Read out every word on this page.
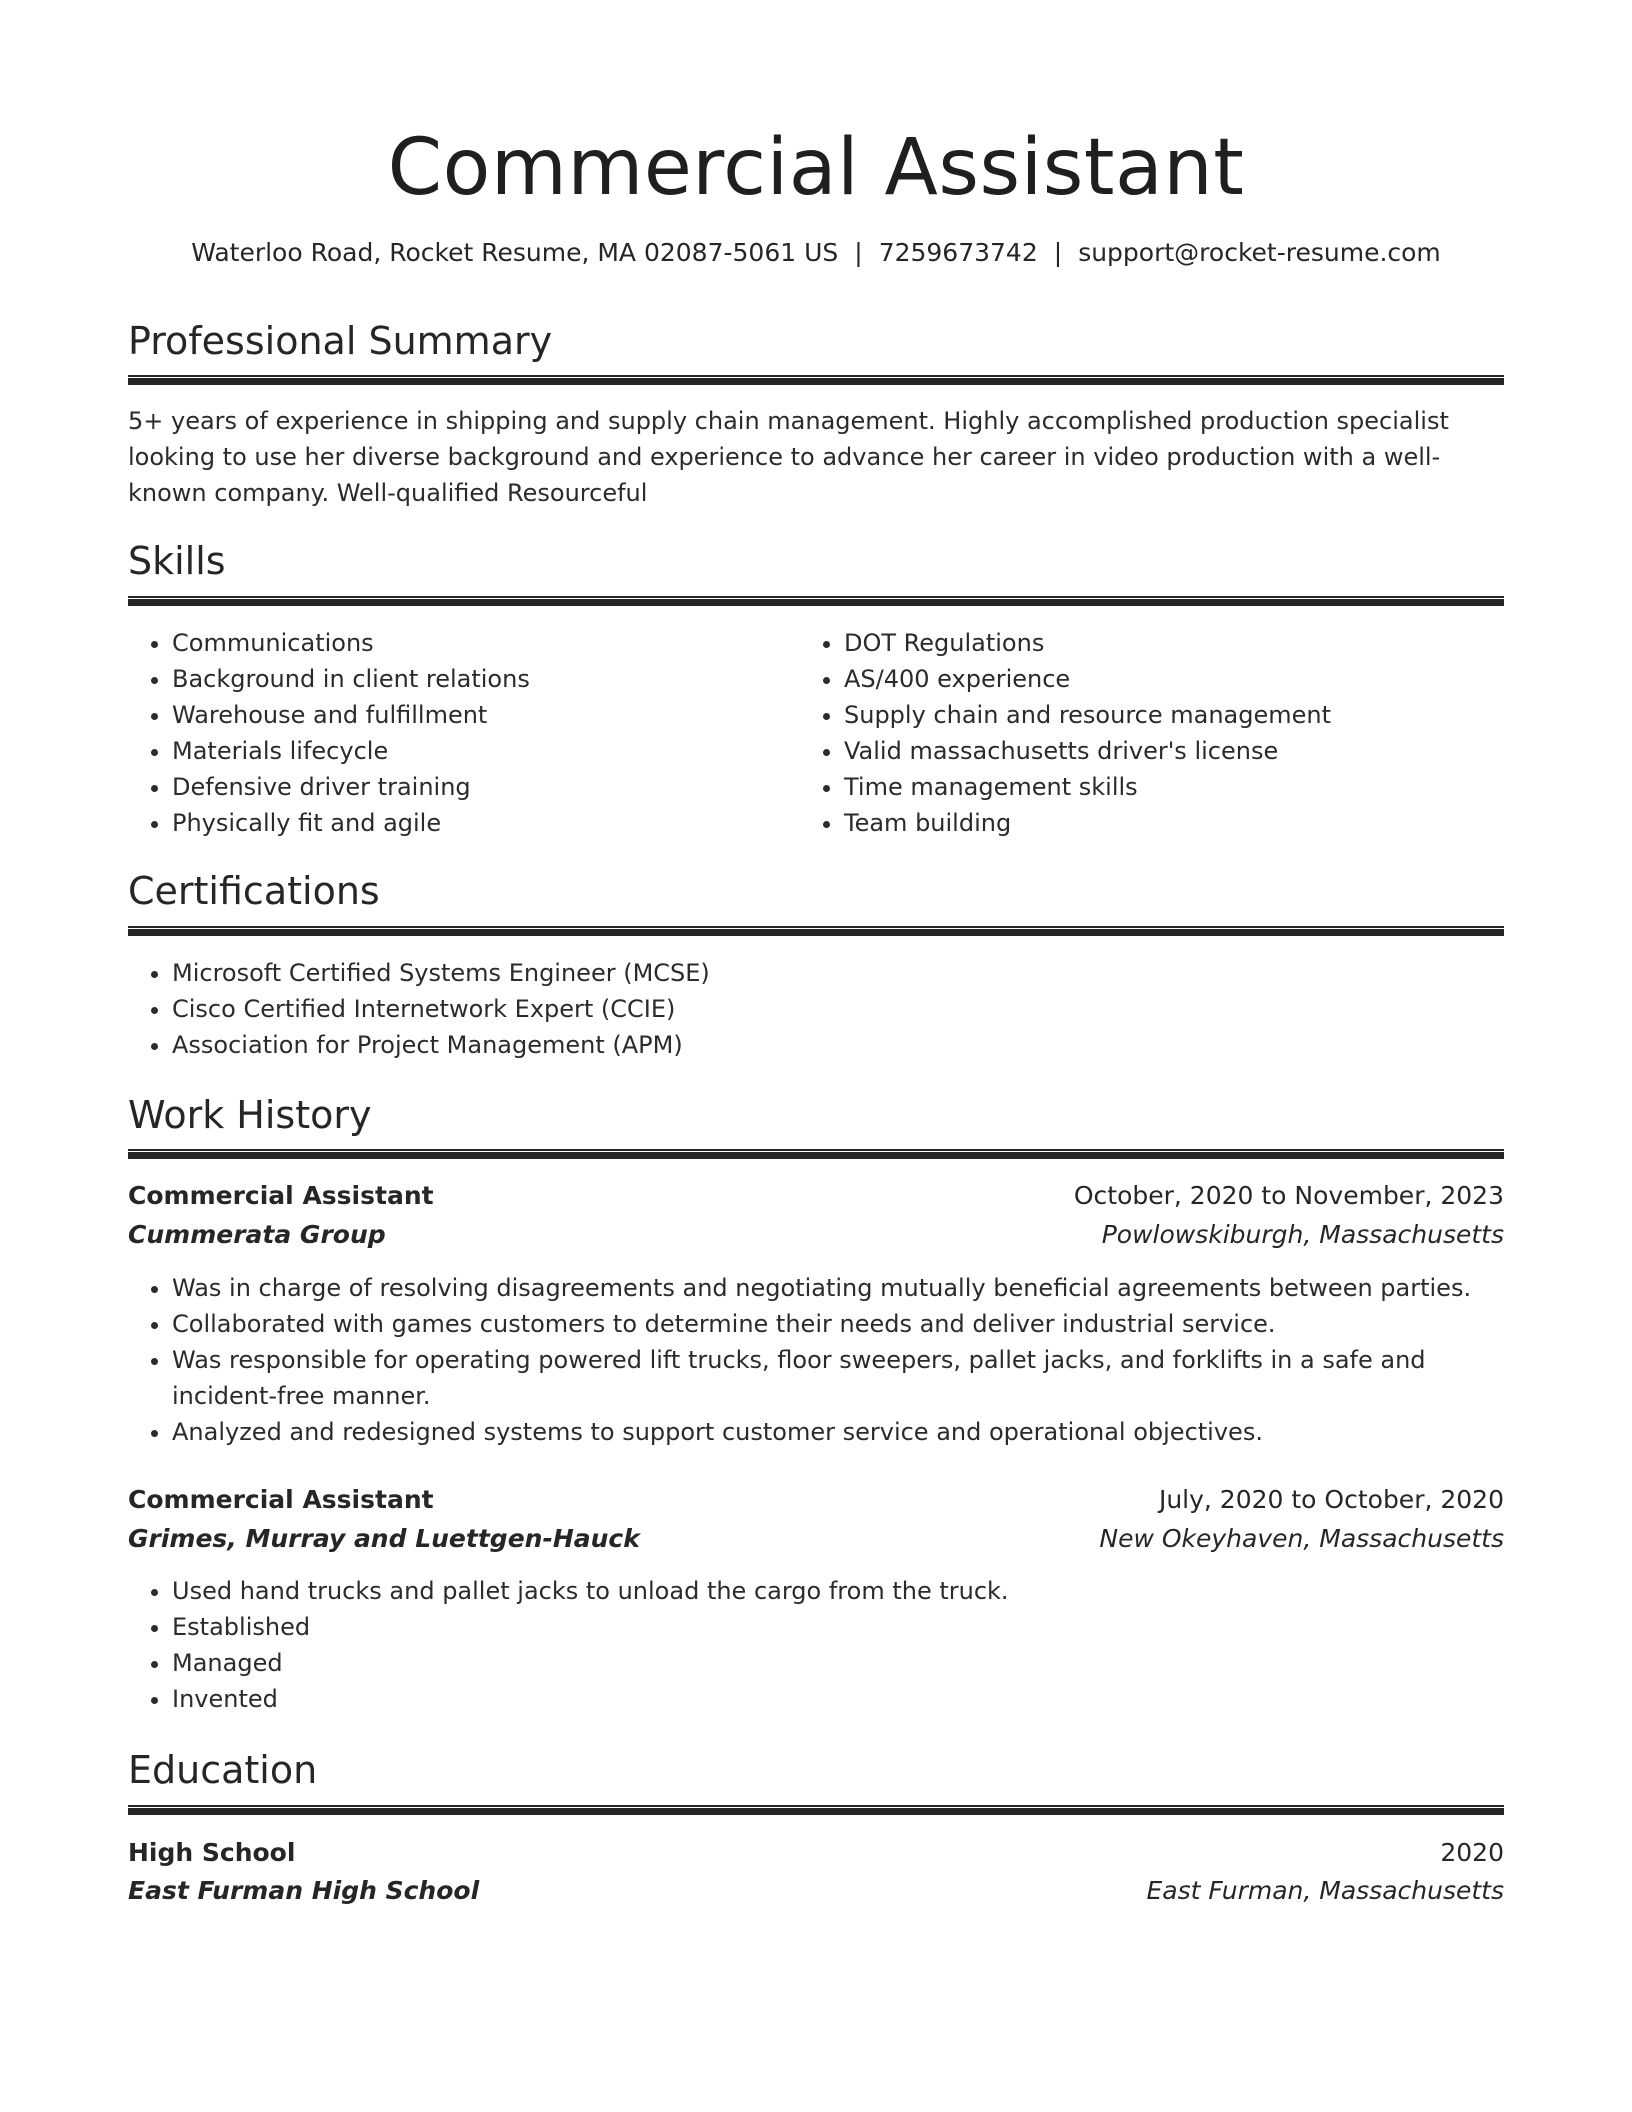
Commercial Assistant
Waterloo Road, Rocket Resume, MA 02087-5061 US | 7259673742 | support@rocket-resume.com
Professional Summary
5+ years of experience in shipping and supply chain management. Highly accomplished production specialist looking to use her diverse background and experience to advance her career in video production with a well-known company. Well-qualified Resourceful
Skills
• Communications
• Background in client relations
• Warehouse and fulfillment
• Materials lifecycle
• Defensive driver training
• Physically fit and agile
• DOT Regulations
• AS/400 experience
• Supply chain and resource management
• Valid massachusetts driver's license
• Time management skills
• Team building
Certifications
• Microsoft Certified Systems Engineer (MCSE)
• Cisco Certified Internetwork Expert (CCIE)
• Association for Project Management (APM)
Work History
Commercial Assistant	October, 2020 to November, 2023
Cummerata Group	Powlowskiburgh, Massachusetts
• Was in charge of resolving disagreements and negotiating mutually beneficial agreements between parties.
• Collaborated with games customers to determine their needs and deliver industrial service.
• Was responsible for operating powered lift trucks, floor sweepers, pallet jacks, and forklifts in a safe and incident-free manner.
• Analyzed and redesigned systems to support customer service and operational objectives.
Commercial Assistant	July, 2020 to October, 2020
Grimes, Murray and Luettgen-Hauck	New Okeyhaven, Massachusetts
• Used hand trucks and pallet jacks to unload the cargo from the truck.
• Established
• Managed
• Invented
Education
High School	2020
East Furman High School	East Furman, Massachusetts
